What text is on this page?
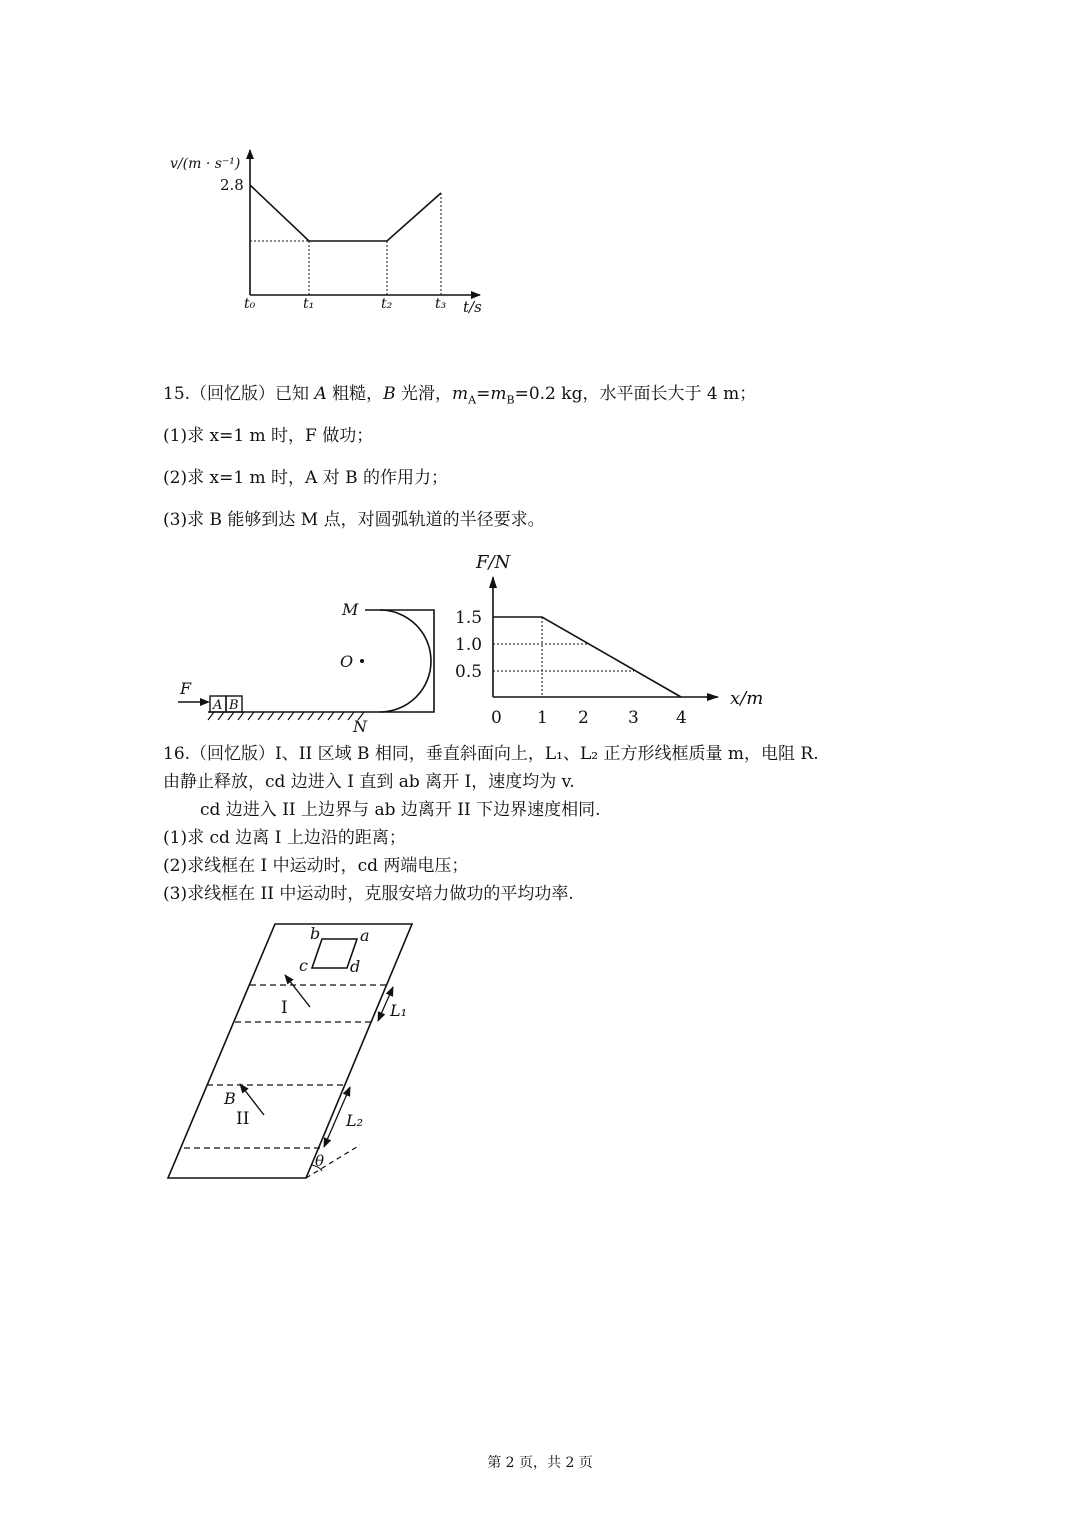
v/(m · s⁻¹)
2.8
t/s
t₀	t₁	t₂	t₃
15.（回忆版）已知 A 粗糙，B 光滑，$m_A=m_B=0.2$ kg，水平面长大于 4 m；
(1)求 x=1 m 时，F 做功；
(2)求 x=1 m 时，A 对 B 的作用力；
(3)求 B 能够到达 M 点，对圆弧轨道的半径要求。
M
O
N
F
A B
F/N
x/m
1.5
1.0
0.5
0 1 2 3 4
16.（回忆版）I、II 区域 B 相同，垂直斜面向上，L₁、L₂ 正方形线框质量 m，电阻 R.
由静止释放，cd 边进入 I 直到 ab 离开 I，速度均为 v.
cd 边进入 II 上边界与 ab 边离开 II 下边界速度相同.
(1)求 cd 边离 I 上边沿的距离；
(2)求线框在 I 中运动时，cd 两端电压；
(3)求线框在 II 中运动时，克服安培力做功的平均功率.
b a
c	d
I
B
II
L₁
L₂
θ
第 2 页，共 2 页
